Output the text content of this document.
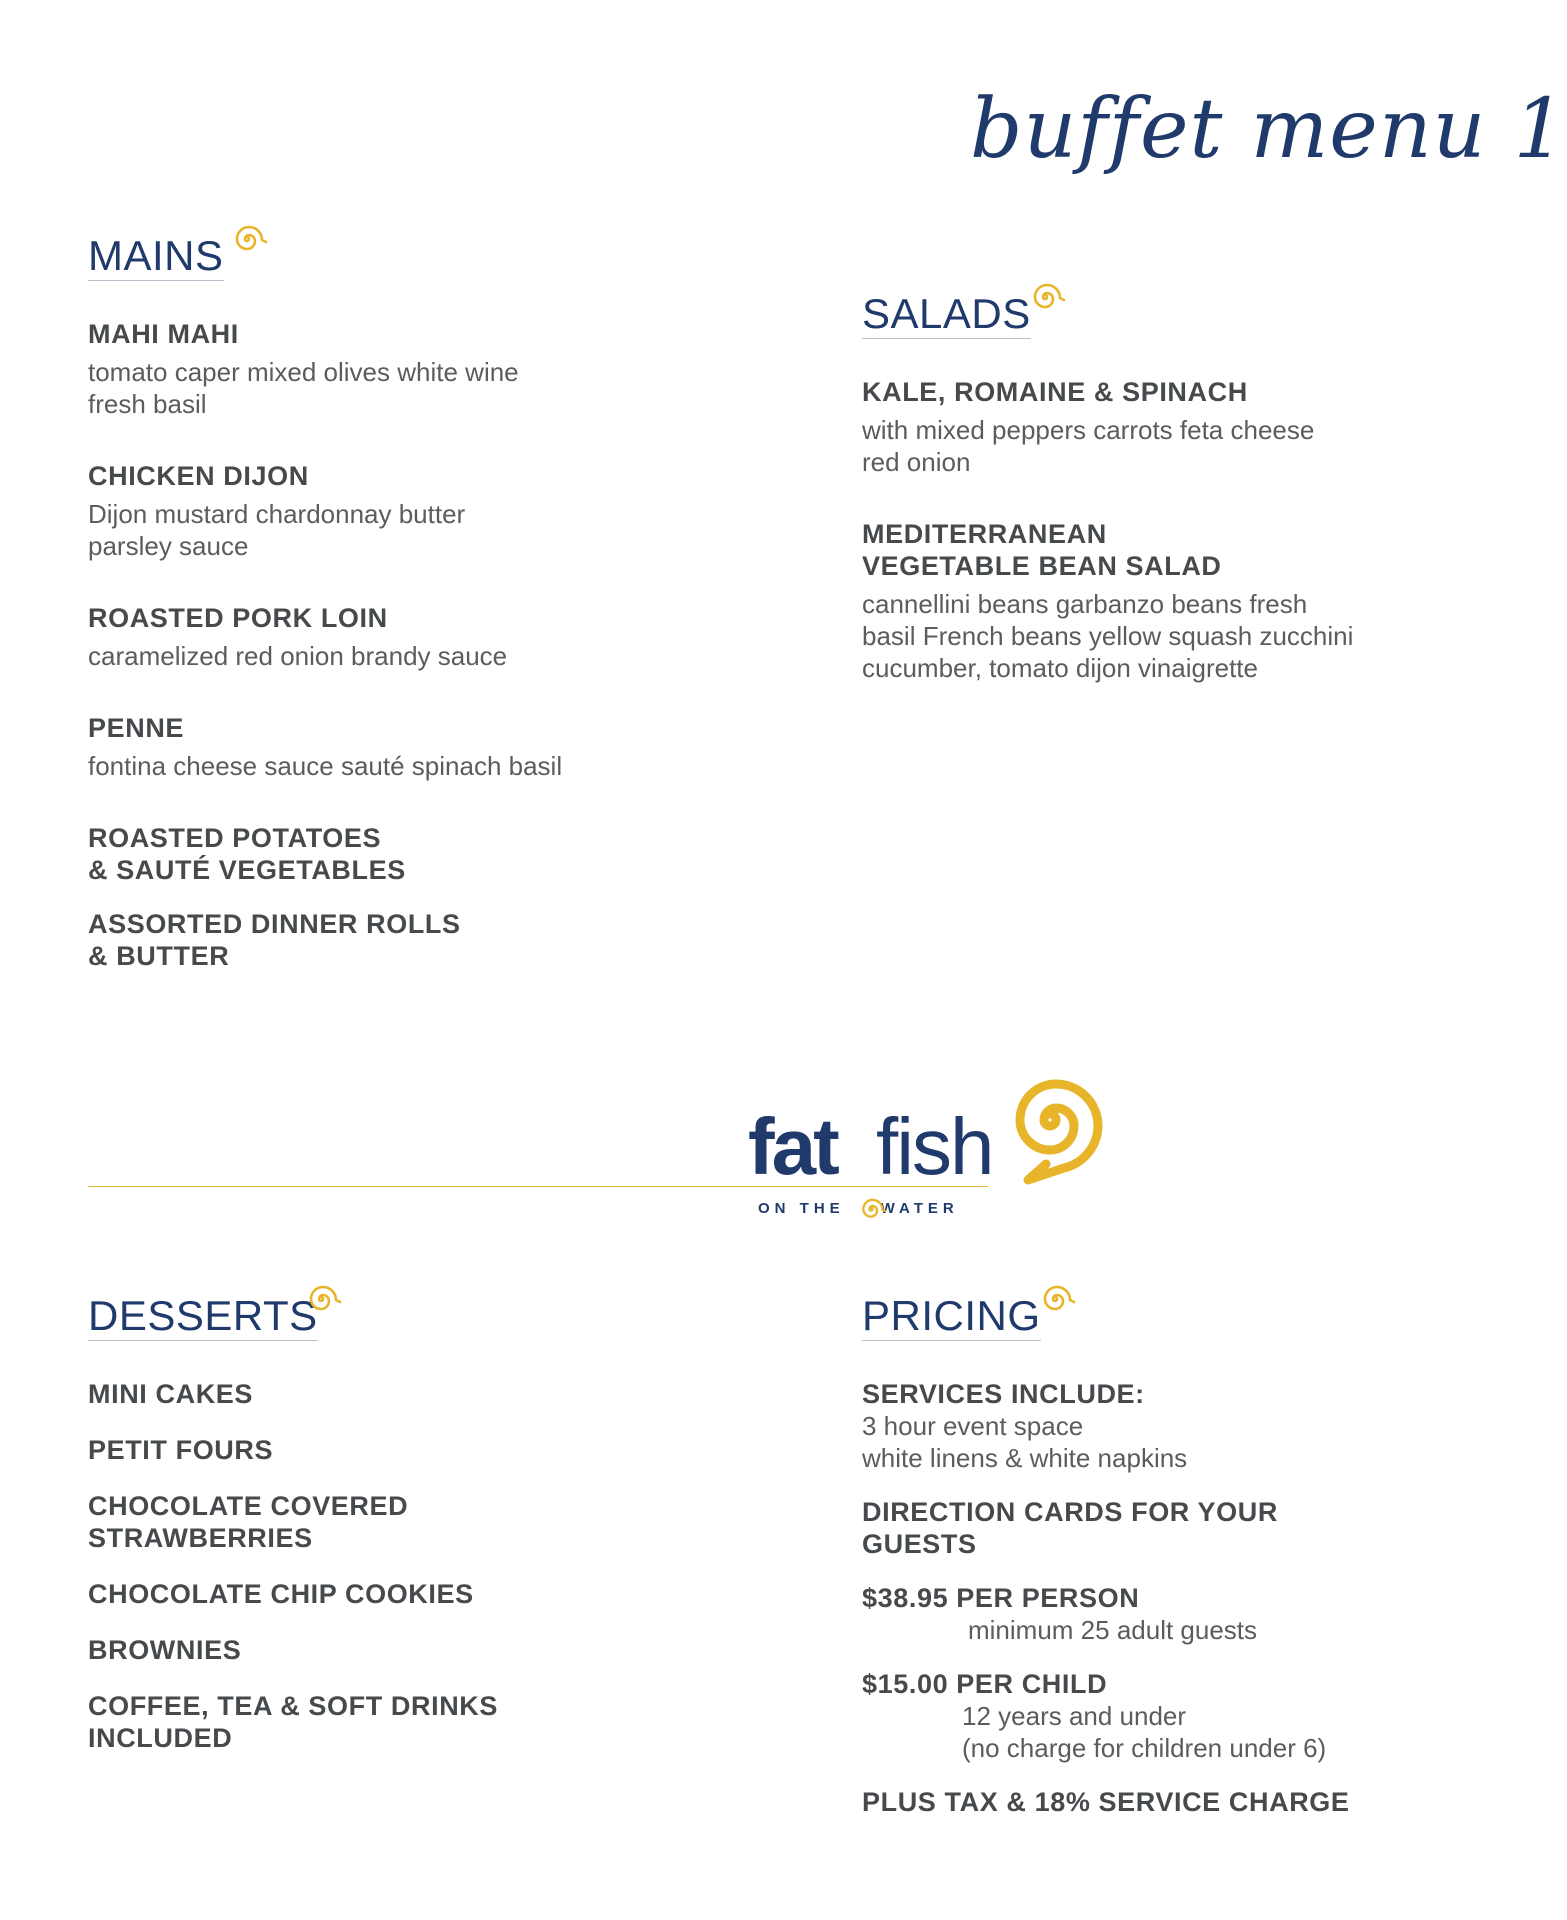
buffet menu 1
MAINS
MAHI MAHI
tomato caper mixed olives white wine
fresh basil
CHICKEN DIJON
Dijon mustard chardonnay butter
parsley sauce
ROASTED PORK LOIN
caramelized red onion brandy sauce
PENNE
fontina cheese sauce sauté spinach basil
ROASTED POTATOES
& SAUTÉ VEGETABLES
ASSORTED DINNER ROLLS
& BUTTER
SALADS
KALE, ROMAINE & SPINACH
with mixed peppers carrots feta cheese
red onion
MEDITERRANEAN
VEGETABLE BEAN SALAD
cannellini beans garbanzo beans fresh
basil French beans yellow squash zucchini
cucumber, tomato dijon vinaigrette
fat fish
ON THE WATER
DESSERTS
MINI CAKES
PETIT FOURS
CHOCOLATE COVERED
STRAWBERRIES
CHOCOLATE CHIP COOKIES
BROWNIES
COFFEE, TEA & SOFT DRINKS
INCLUDED
PRICING
SERVICES INCLUDE:
3 hour event space
white linens & white napkins
DIRECTION CARDS FOR YOUR
GUESTS
$38.95 PER PERSON
minimum 25 adult guests
$15.00 PER CHILD
12 years and under
(no charge for children under 6)
PLUS TAX & 18% SERVICE CHARGE
